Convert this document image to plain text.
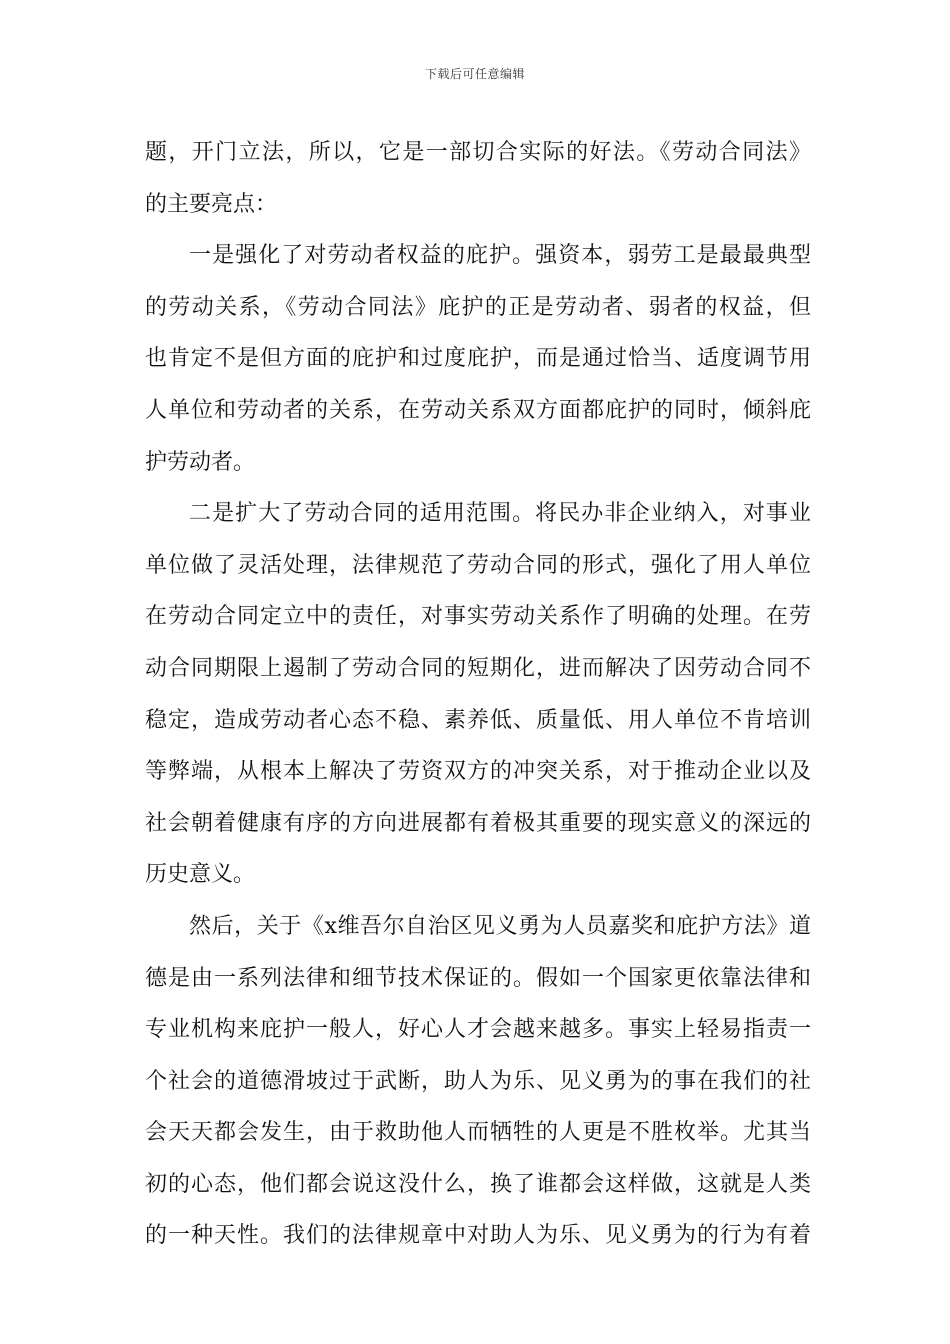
下载后可任意编辑
题，开门立法，所以，它是一部切合实际的好法。《劳动合同法》
的主要亮点：
一是强化了对劳动者权益的庇护。强资本，弱劳工是最最典型
的劳动关系，《劳动合同法》庇护的正是劳动者、弱者的权益，但
也肯定不是但方面的庇护和过度庇护，而是通过恰当、适度调节用
人单位和劳动者的关系，在劳动关系双方面都庇护的同时，倾斜庇
护劳动者。
二是扩大了劳动合同的适用范围。将民办非企业纳入，对事业
单位做了灵活处理，法律规范了劳动合同的形式，强化了用人单位
在劳动合同定立中的责任，对事实劳动关系作了明确的处理。在劳
动合同期限上遏制了劳动合同的短期化，进而解决了因劳动合同不
稳定，造成劳动者心态不稳、素养低、质量低、用人单位不肯培训
等弊端，从根本上解决了劳资双方的冲突关系，对于推动企业以及
社会朝着健康有序的方向进展都有着极其重要的现实意义的深远的
历史意义。
然后，关于《x维吾尔自治区见义勇为人员嘉奖和庇护方法》道
德是由一系列法律和细节技术保证的。假如一个国家更依靠法律和
专业机构来庇护一般人，好心人才会越来越多。事实上轻易指责一
个社会的道德滑坡过于武断，助人为乐、见义勇为的事在我们的社
会天天都会发生，由于救助他人而牺牲的人更是不胜枚举。尤其当
初的心态，他们都会说这没什么，换了谁都会这样做，这就是人类
的一种天性。我们的法律规章中对助人为乐、见义勇为的行为有着
